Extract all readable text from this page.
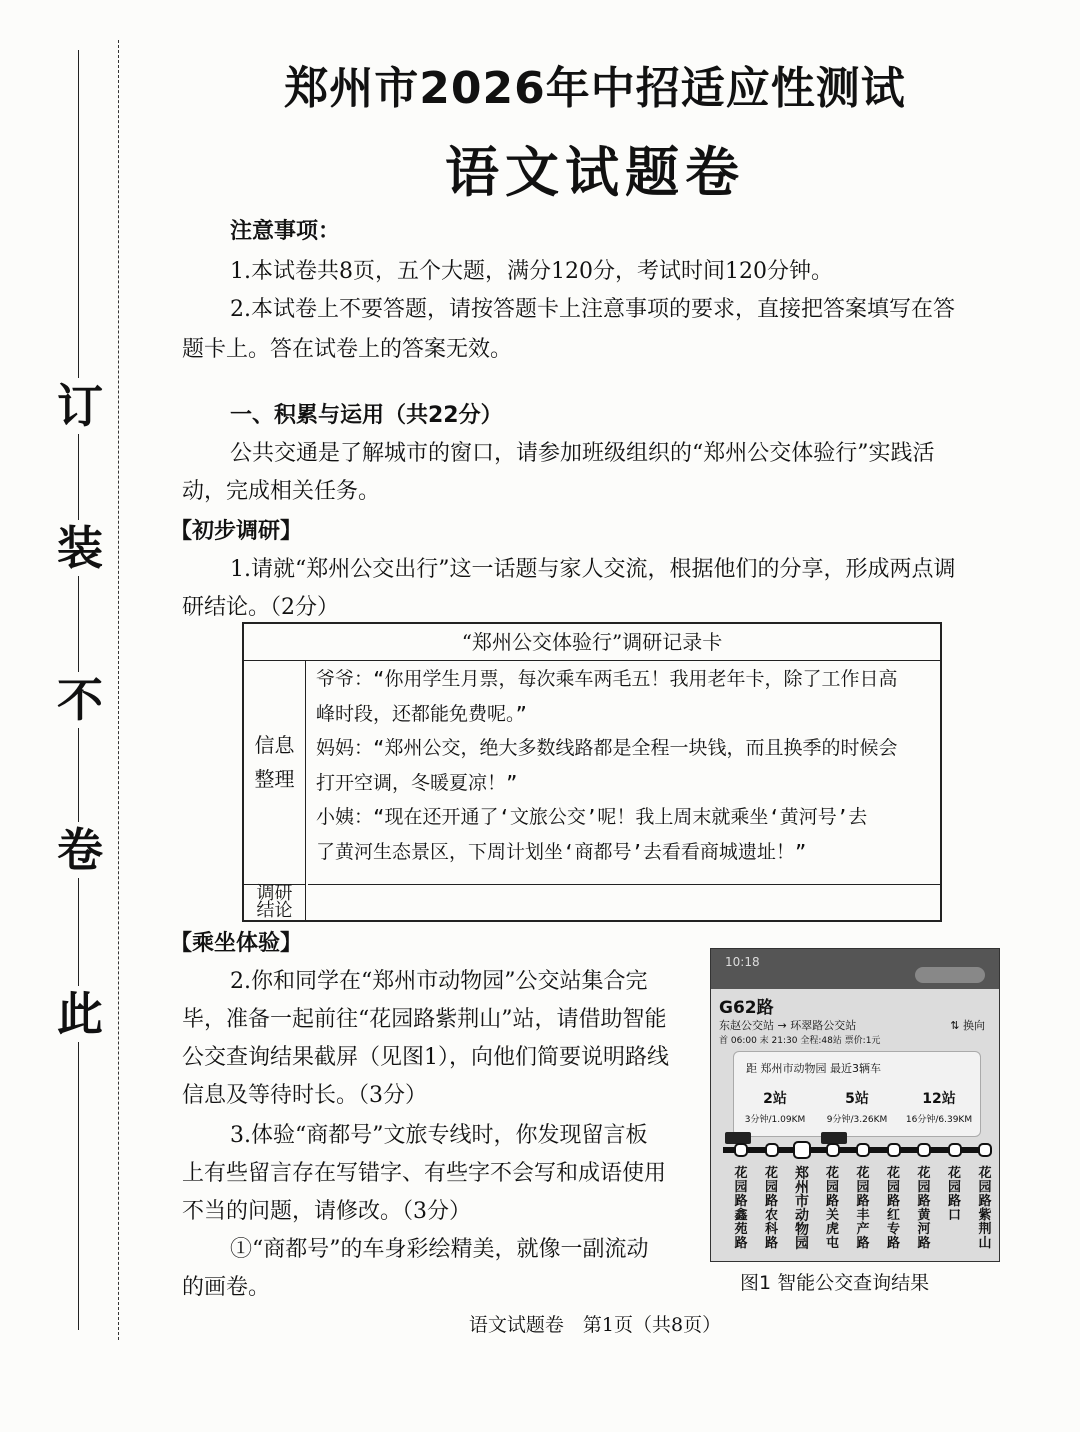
订
装
不
卷
此
郑州市2026年中招适应性测试
语文试题卷
注意事项：
1.本试卷共8页，五个大题，满分120分，考试时间120分钟。
2.本试卷上不要答题，请按答题卡上注意事项的要求，直接把答案填写在答
题卡上。答在试卷上的答案无效。
一、积累与运用（共22分）
公共交通是了解城市的窗口，请参加班级组织的“郑州公交体验行”实践活
动，完成相关任务。
【初步调研】
1.请就“郑州公交出行”这一话题与家人交流，根据他们的分享，形成两点调
研结论。（2分）
“郑州公交体验行”调研记录卡
信息
整理
爷爷：“你用学生月票，每次乘车两毛五！我用老年卡，除了工作日高
峰时段，还都能免费呢。”
妈妈：“郑州公交，绝大多数线路都是全程一块钱，而且换季的时候会
打开空调，冬暖夏凉！”
小姨：“现在还开通了‘文旅公交’呢！我上周末就乘坐‘黄河号’去
了黄河生态景区，下周计划坐‘商都号’去看看商城遗址！”
调研
结论
【乘坐体验】
2.你和同学在“郑州市动物园”公交站集合完
毕，准备一起前往“花园路紫荆山”站，请借助智能
公交查询结果截屏（见图1），向他们简要说明路线
信息及等待时长。（3分）
3.体验“商都号”文旅专线时，你发现留言板
上有些留言存在写错字、有些字不会写和成语使用
不当的问题，请修改。（3分）
①“商都号”的车身彩绘精美，就像一副流动
的画卷。
10:18
G62路
东赵公交站 → 环翠路公交站	⇅ 换向
首 06:00 末 21:30 全程:48站 票价:1元
距 郑州市动物园 最近3辆车
2站
3分钟/1.09KM
5站
9分钟/3.26KM
12站
16分钟/6.39KM
花园路鑫苑路
花园路农科路
郑州市动物园
花园路关虎屯
花园路丰产路
花园路红专路
花园路黄河路
花园路口
花园路紫荆山
图1 智能公交查询结果
语文试题卷　第1页（共8页）
